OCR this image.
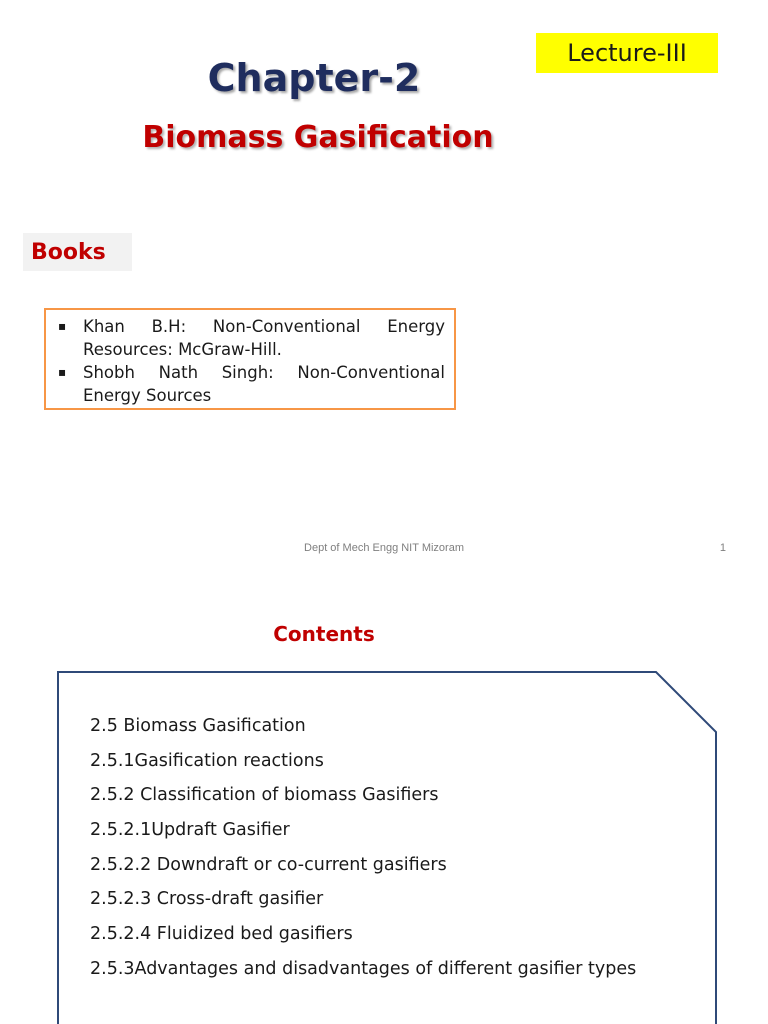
Lecture-III
Chapter-2
Biomass Gasification
Books
▪ Khan B.H: Non-Conventional Energy Resources: McGraw-Hill.
▪ Shobh Nath Singh: Non-Conventional Energy Sources
Dept of Mech Engg NIT Mizoram	1
Contents
2.5 Biomass Gasification
2.5.1Gasification reactions
2.5.2 Classification of biomass Gasifiers
2.5.2.1Updraft Gasifier
2.5.2.2 Downdraft or co-current gasifiers
2.5.2.3 Cross-draft gasifier
2.5.2.4 Fluidized bed gasifiers
2.5.3Advantages and disadvantages of different gasifier types
